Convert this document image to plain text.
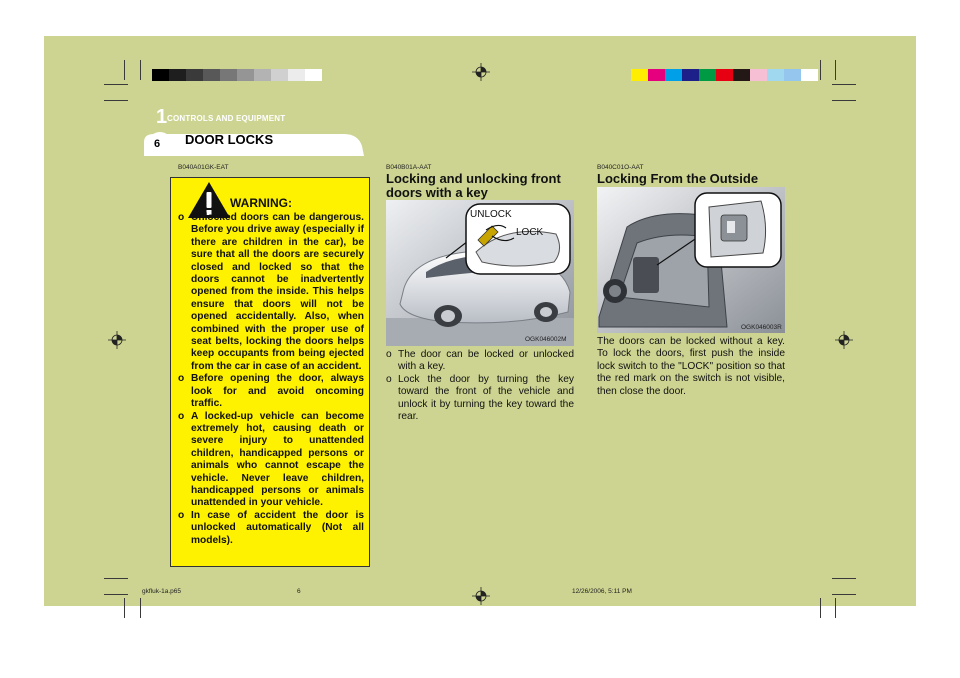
1 CONTROLS AND EQUIPMENT
6 DOOR LOCKS
B040A01GK-EAT
WARNING:
o Unlocked doors can be dangerous. Before you drive away (especially if there are children in the car), be sure that all the doors are securely closed and locked so that the doors cannot be inadvertently opened from the inside. This helps ensure that doors will not be opened accidentally. Also, when combined with the proper use of seat belts, locking the doors helps keep occupants from being ejected from the car in case of an accident.
o Before opening the door, always look for and avoid oncoming traffic.
o A locked-up vehicle can become extremely hot, causing death or severe injury to unattended children, handicapped persons or animals who cannot escape the vehicle. Never leave children, handicapped persons or animals unattended in your vehicle.
o In case of accident the door is unlocked automatically (Not all models).
B040B01A-AAT
Locking and unlocking front doors with a key
UNLOCK
LOCK
OGK046002M
o The door can be locked or unlocked with a key.
o Lock the door by turning the key toward the front of the vehicle and unlock it by turning the key toward the rear.
B040C01O-AAT
Locking From the Outside
OGK046003R
The doors can be locked without a key. To lock the doors, first push the inside lock switch to the "LOCK" position so that the red mark on the switch is not visible, then close the door.
gkfluk-1a.p65	6	12/26/2006, 5:11 PM
